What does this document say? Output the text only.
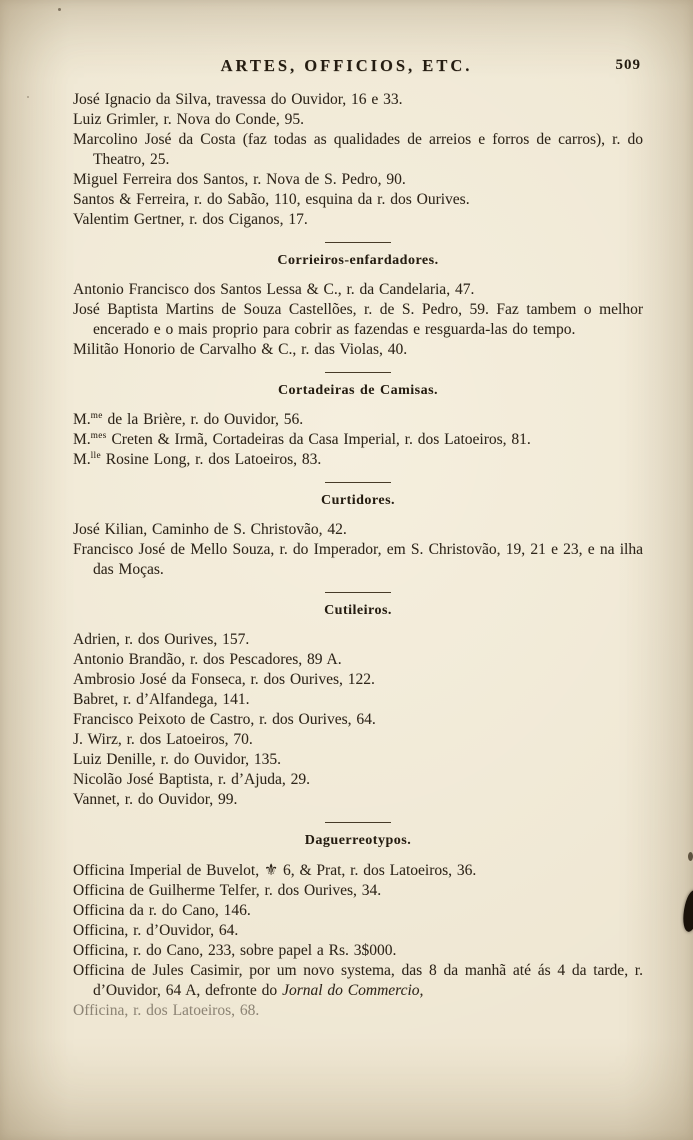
ARTES, OFFICIOS, ETC.	509

José Ignacio da Silva, travessa do Ouvidor, 16 e 33.

Luiz Grimler, r. Nova do Conde, 95.

Marcolino José da Costa (faz todas as qualidades de arreios e forros de carros), r. do Theatro, 25.

Miguel Ferreira dos Santos, r. Nova de S. Pedro, 90.

Santos & Ferreira, r. do Sabão, 110, esquina da r. dos Ourives.

Valentim Gertner, r. dos Ciganos, 17.

Corrieiros-enfardadores.

Antonio Francisco dos Santos Lessa & C., r. da Candelaria, 47.

José Baptista Martins de Souza Castellões, r. de S. Pedro, 59. Faz tambem o melhor encerado e o mais proprio para cobrir as fazendas e resguarda-las do tempo.

Militão Honorio de Carvalho & C., r. das Violas, 40.

Cortadeiras de Camisas.

M.$^{me}$ de la Brière, r. do Ouvidor, 56.

M.$^{mes}$ Creten & Irmã, Cortadeiras da Casa Imperial, r. dos Latoeiros, 81.

M.$^{lle}$ Rosine Long, r. dos Latoeiros, 83.

Curtidores.

José Kilian, Caminho de S. Christovão, 42.

Francisco José de Mello Souza, r. do Imperador, em S. Christovão, 19, 21 e 23, e na ilha das Moças.

Cutileiros.

Adrien, r. dos Ourives, 157.

Antonio Brandão, r. dos Pescadores, 89 A.

Ambrosio José da Fonseca, r. dos Ourives, 122.

Babret, r. d’Alfandega, 141.

Francisco Peixoto de Castro, r. dos Ourives, 64.

J. Wirz, r. dos Latoeiros, 70.

Luiz Denille, r. do Ouvidor, 135.

Nicolão José Baptista, r. d’Ajuda, 29.

Vannet, r. do Ouvidor, 99.

Daguerreotypos.

Officina Imperial de Buvelot, ⚜ 6, & Prat, r. dos Latoeiros, 36.

Officina de Guilherme Telfer, r. dos Ourives, 34.

Officina da r. do Cano, 146.

Officina, r. d’Ouvidor, 64.

Officina, r. do Cano, 233, sobre papel a Rs. 3$000.

Officina de Jules Casimir, por um novo systema, das 8 da manhã até ás 4 da tarde, r. d’Ouvidor, 64 A, defronte do Jornal do Commercio,

Officina, r. dos Latoeiros, 68.
